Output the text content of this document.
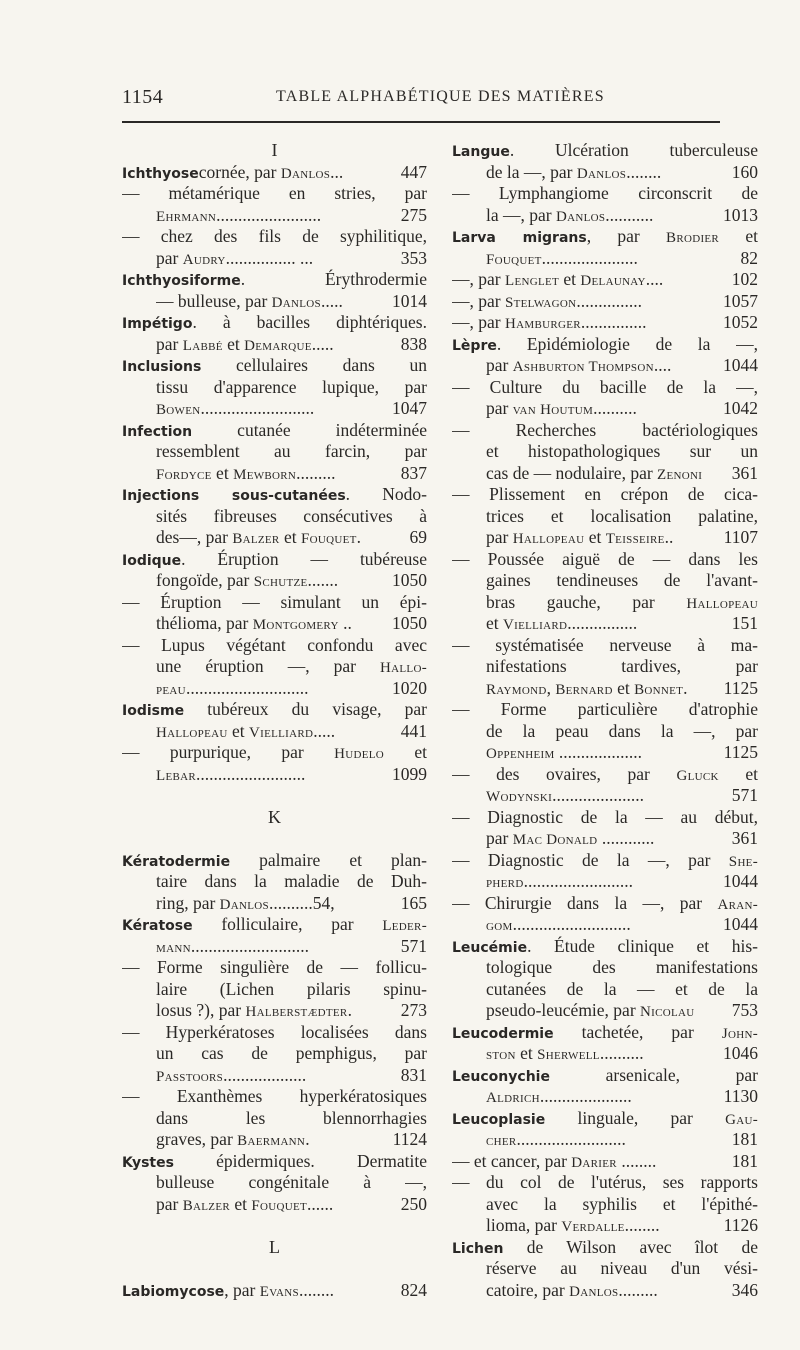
1154	TABLE ALPHABÉTIQUE DES MATIÈRES
I
Ichthyosecornée, par Danlos...	447
— métamérique en stries, par
Ehrmann........................	275
— chez des fils de syphilitique,
par Audry................ ...	353
Ichthyosiforme. Érythrodermie
— bulleuse, par Danlos.....	1014
Impétigo. à bacilles diphtériques.
par Labbé et Demarque.....	838
Inclusions cellulaires dans un
tissu d'apparence lupique, par
Bowen..........................	1047
Infection cutanée indéterminée
ressemblent au farcin, par
Fordyce et Mewborn.........	837
Injections sous-cutanées. Nodo-
sités fibreuses consécutives à
des—, par Balzer et Fouquet.	69
Iodique. Éruption — tubéreuse
fongoïde, par Schutze.......	1050
— Éruption — simulant un épi-
thélioma, par Montgomery ..	1050
— Lupus végétant confondu avec
une éruption —, par Hallo-
peau............................	1020
Iodisme tubéreux du visage, par
Hallopeau et Vielliard.....	441
— purpurique, par Hudelo et
Lebar.........................	1099
K
Kératodermie palmaire et plan-
taire dans la maladie de Duh-
ring, par Danlos..........54,	165
Kératose folliculaire, par Leder-
mann...........................	571
— Forme singulière de — follicu-
laire (Lichen pilaris spinu-
losus ?), par Halberstædter.	273
— Hyperkératoses localisées dans
un cas de pemphigus, par
Passtoors...................	831
— Exanthèmes hyperkératosiques
dans les blennorrhagies
graves, par Baermann.	1124
Kystes épidermiques. Dermatite
bulleuse congénitale à —,
par Balzer et Fouquet......	250
L
Labiomycose, par Evans........	824
Langue. Ulcération tuberculeuse
de la —, par Danlos........	160
— Lymphangiome circonscrit de
la —, par Danlos...........	1013
Larva migrans, par Brodier et
Fouquet......................	82
—, par Lenglet et Delaunay....	102
—, par Stelwagon...............	1057
—, par Hamburger...............	1052
Lèpre. Epidémiologie de la —,
par Ashburton Thompson....	1044
— Culture du bacille de la —,
par van Houtum..........	1042
— Recherches bactériologiques
et histopathologiques sur un
cas de — nodulaire, par Zenoni	361
— Plissement en crépon de cica-
trices et localisation palatine,
par Hallopeau et Teisseire..	1107
— Poussée aiguë de — dans les
gaines tendineuses de l'avant-
bras gauche, par Hallopeau
et Vielliard................	151
— systématisée nerveuse à ma-
nifestations tardives, par
Raymond, Bernard et Bonnet.	1125
— Forme particulière d'atrophie
de la peau dans la —, par
Oppenheim ...................	1125
— des ovaires, par Gluck et
Wodynski.....................	571
— Diagnostic de la — au début,
par Mac Donald ............	361
— Diagnostic de la —, par She-
pherd.........................	1044
— Chirurgie dans la —, par Aran-
gom...........................	1044
Leucémie. Étude clinique et his-
tologique des manifestations
cutanées de la — et de la
pseudo-leucémie, par Nicolau	753
Leucodermie tachetée, par John-
ston et Sherwell..........	1046
Leuconychie arsenicale, par
Aldrich.....................	1130
Leucoplasie linguale, par Gau-
cher.........................	181
— et cancer, par Darier ........	181
— du col de l'utérus, ses rapports
avec la syphilis et l'épithé-
lioma, par Verdalle........	1126
Lichen de Wilson avec îlot de
réserve au niveau d'un vési-
catoire, par Danlos.........	346
